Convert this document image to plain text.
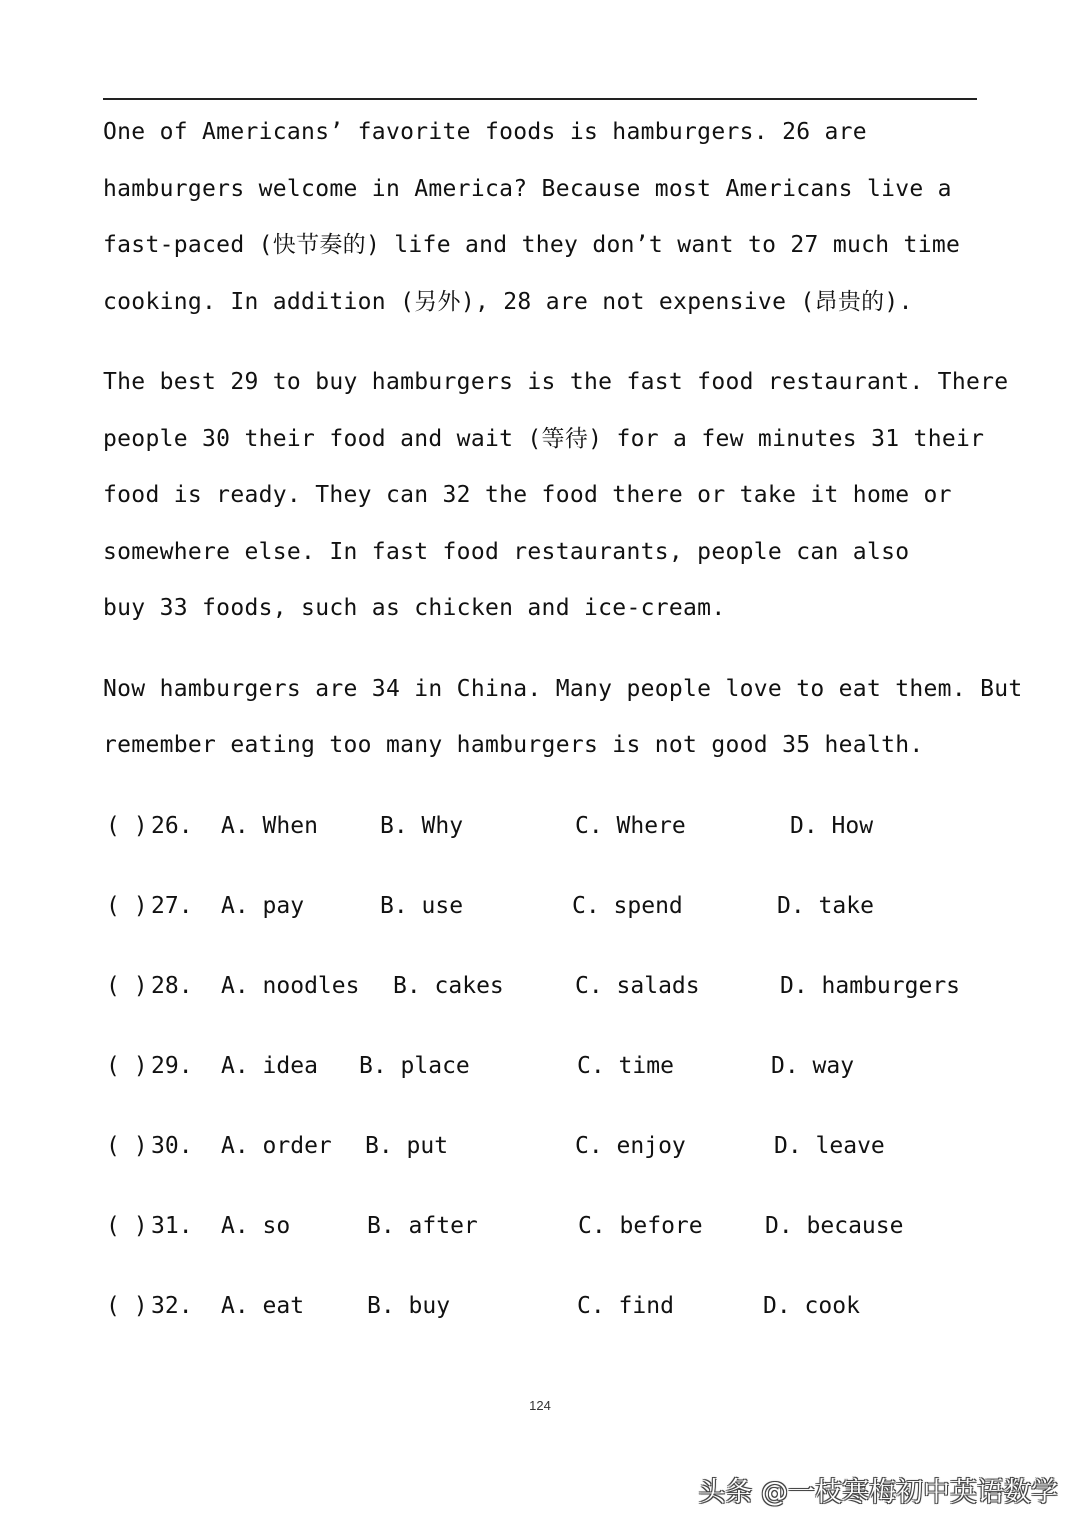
One of Americans’ favorite foods is hamburgers. 26 are
hamburgers welcome in America? Because most Americans live a
fast-paced (快节奏的) life and they don’t want to 27 much time
cooking. In addition (另外), 28 are not expensive (昂贵的).
The best 29 to buy hamburgers is the fast food restaurant. There
people 30 their food and wait (等待) for a few minutes 31 their
food is ready. They can 32 the food there or take it home or
somewhere else. In fast food restaurants, people can also
buy 33 foods, such as chicken and ice-cream.
Now hamburgers are 34 in China. Many people love to eat them. But
remember eating too many hamburgers is not good 35 health.
( ) 26. A. When	B. Why	C. Where	D. How
( ) 27. A. pay	B. use	C. spend	D. take
( ) 28. A. noodles B. cakes	C. salads	D. hamburgers
( ) 29. A. idea B. place	C. time	D. way
( ) 30. A. order B. put	C. enjoy	D. leave
( ) 31. A. so	B. after	C. before	D. because
( ) 32. A. eat	B. buy	C. find	D. cook
124
头条 @一枝寒梅初中英语数学
